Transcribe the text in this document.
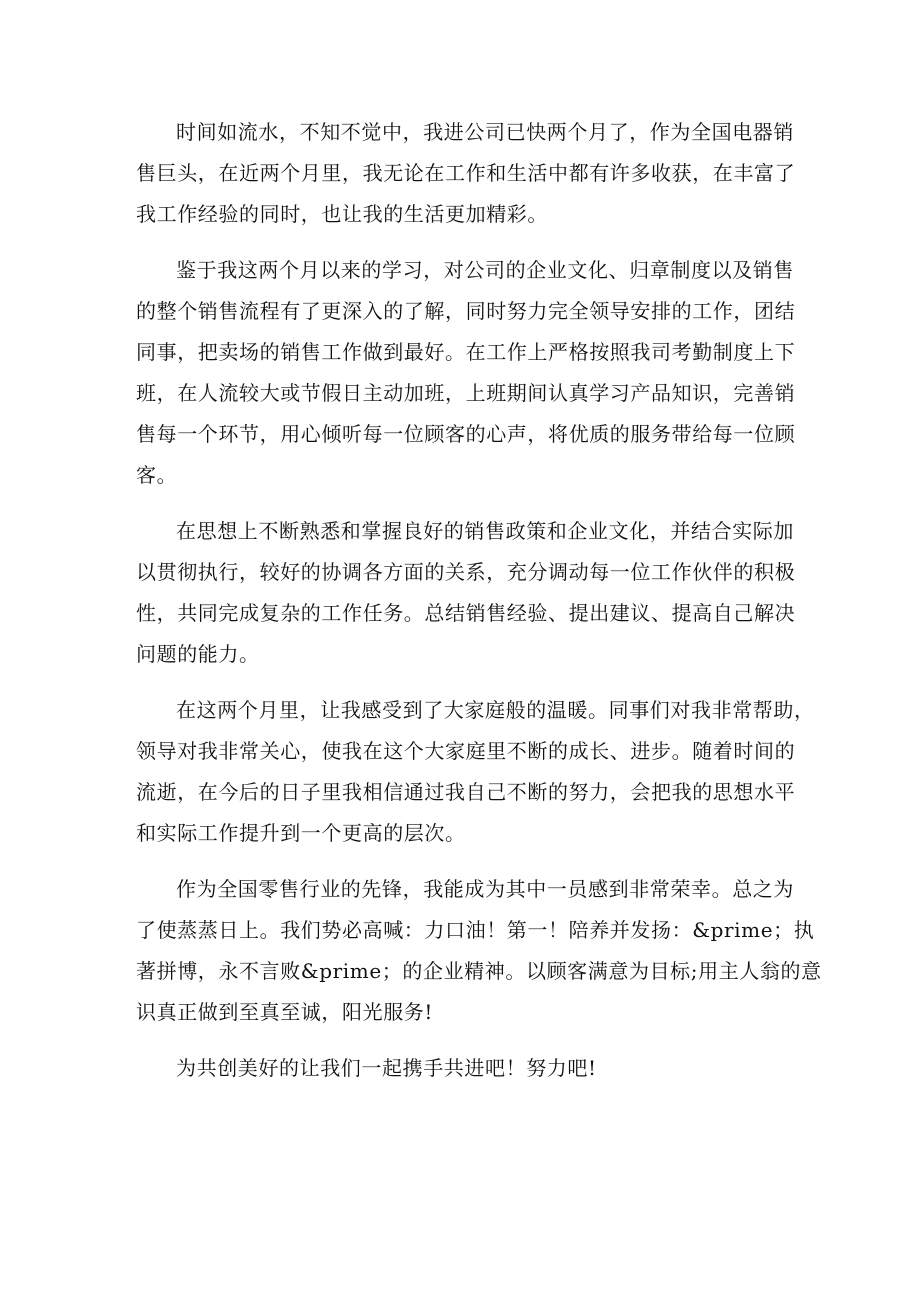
时间如流水，不知不觉中，我进公司已快两个月了，作为全国电器销
售巨头，在近两个月里，我无论在工作和生活中都有许多收获，在丰富了
我工作经验的同时，也让我的生活更加精彩。

鉴于我这两个月以来的学习，对公司的企业文化、归章制度以及销售
的整个销售流程有了更深入的了解，同时努力完全领导安排的工作，团结
同事，把卖场的销售工作做到最好。在工作上严格按照我司考勤制度上下
班，在人流较大或节假日主动加班，上班期间认真学习产品知识，完善销
售每一个环节，用心倾听每一位顾客的心声，将优质的服务带给每一位顾
客。

在思想上不断熟悉和掌握良好的销售政策和企业文化，并结合实际加
以贯彻执行，较好的协调各方面的关系，充分调动每一位工作伙伴的积极
性，共同完成复杂的工作任务。总结销售经验、提出建议、提高自己解决
问题的能力。

在这两个月里，让我感受到了大家庭般的温暖。同事们对我非常帮助，
领导对我非常关心，使我在这个大家庭里不断的成长、进步。随着时间的
流逝，在今后的日子里我相信通过我自己不断的努力，会把我的思想水平
和实际工作提升到一个更高的层次。

作为全国零售行业的先锋，我能成为其中一员感到非常荣幸。总之为
了使蒸蒸日上。我们势必高喊：力口油！第一！陪养并发扬：&prime；执
著拼博，永不言败&prime；的企业精神。以顾客满意为目标;用主人翁的意
识真正做到至真至诚，阳光服务!

为共创美好的让我们一起携手共进吧！努力吧!
